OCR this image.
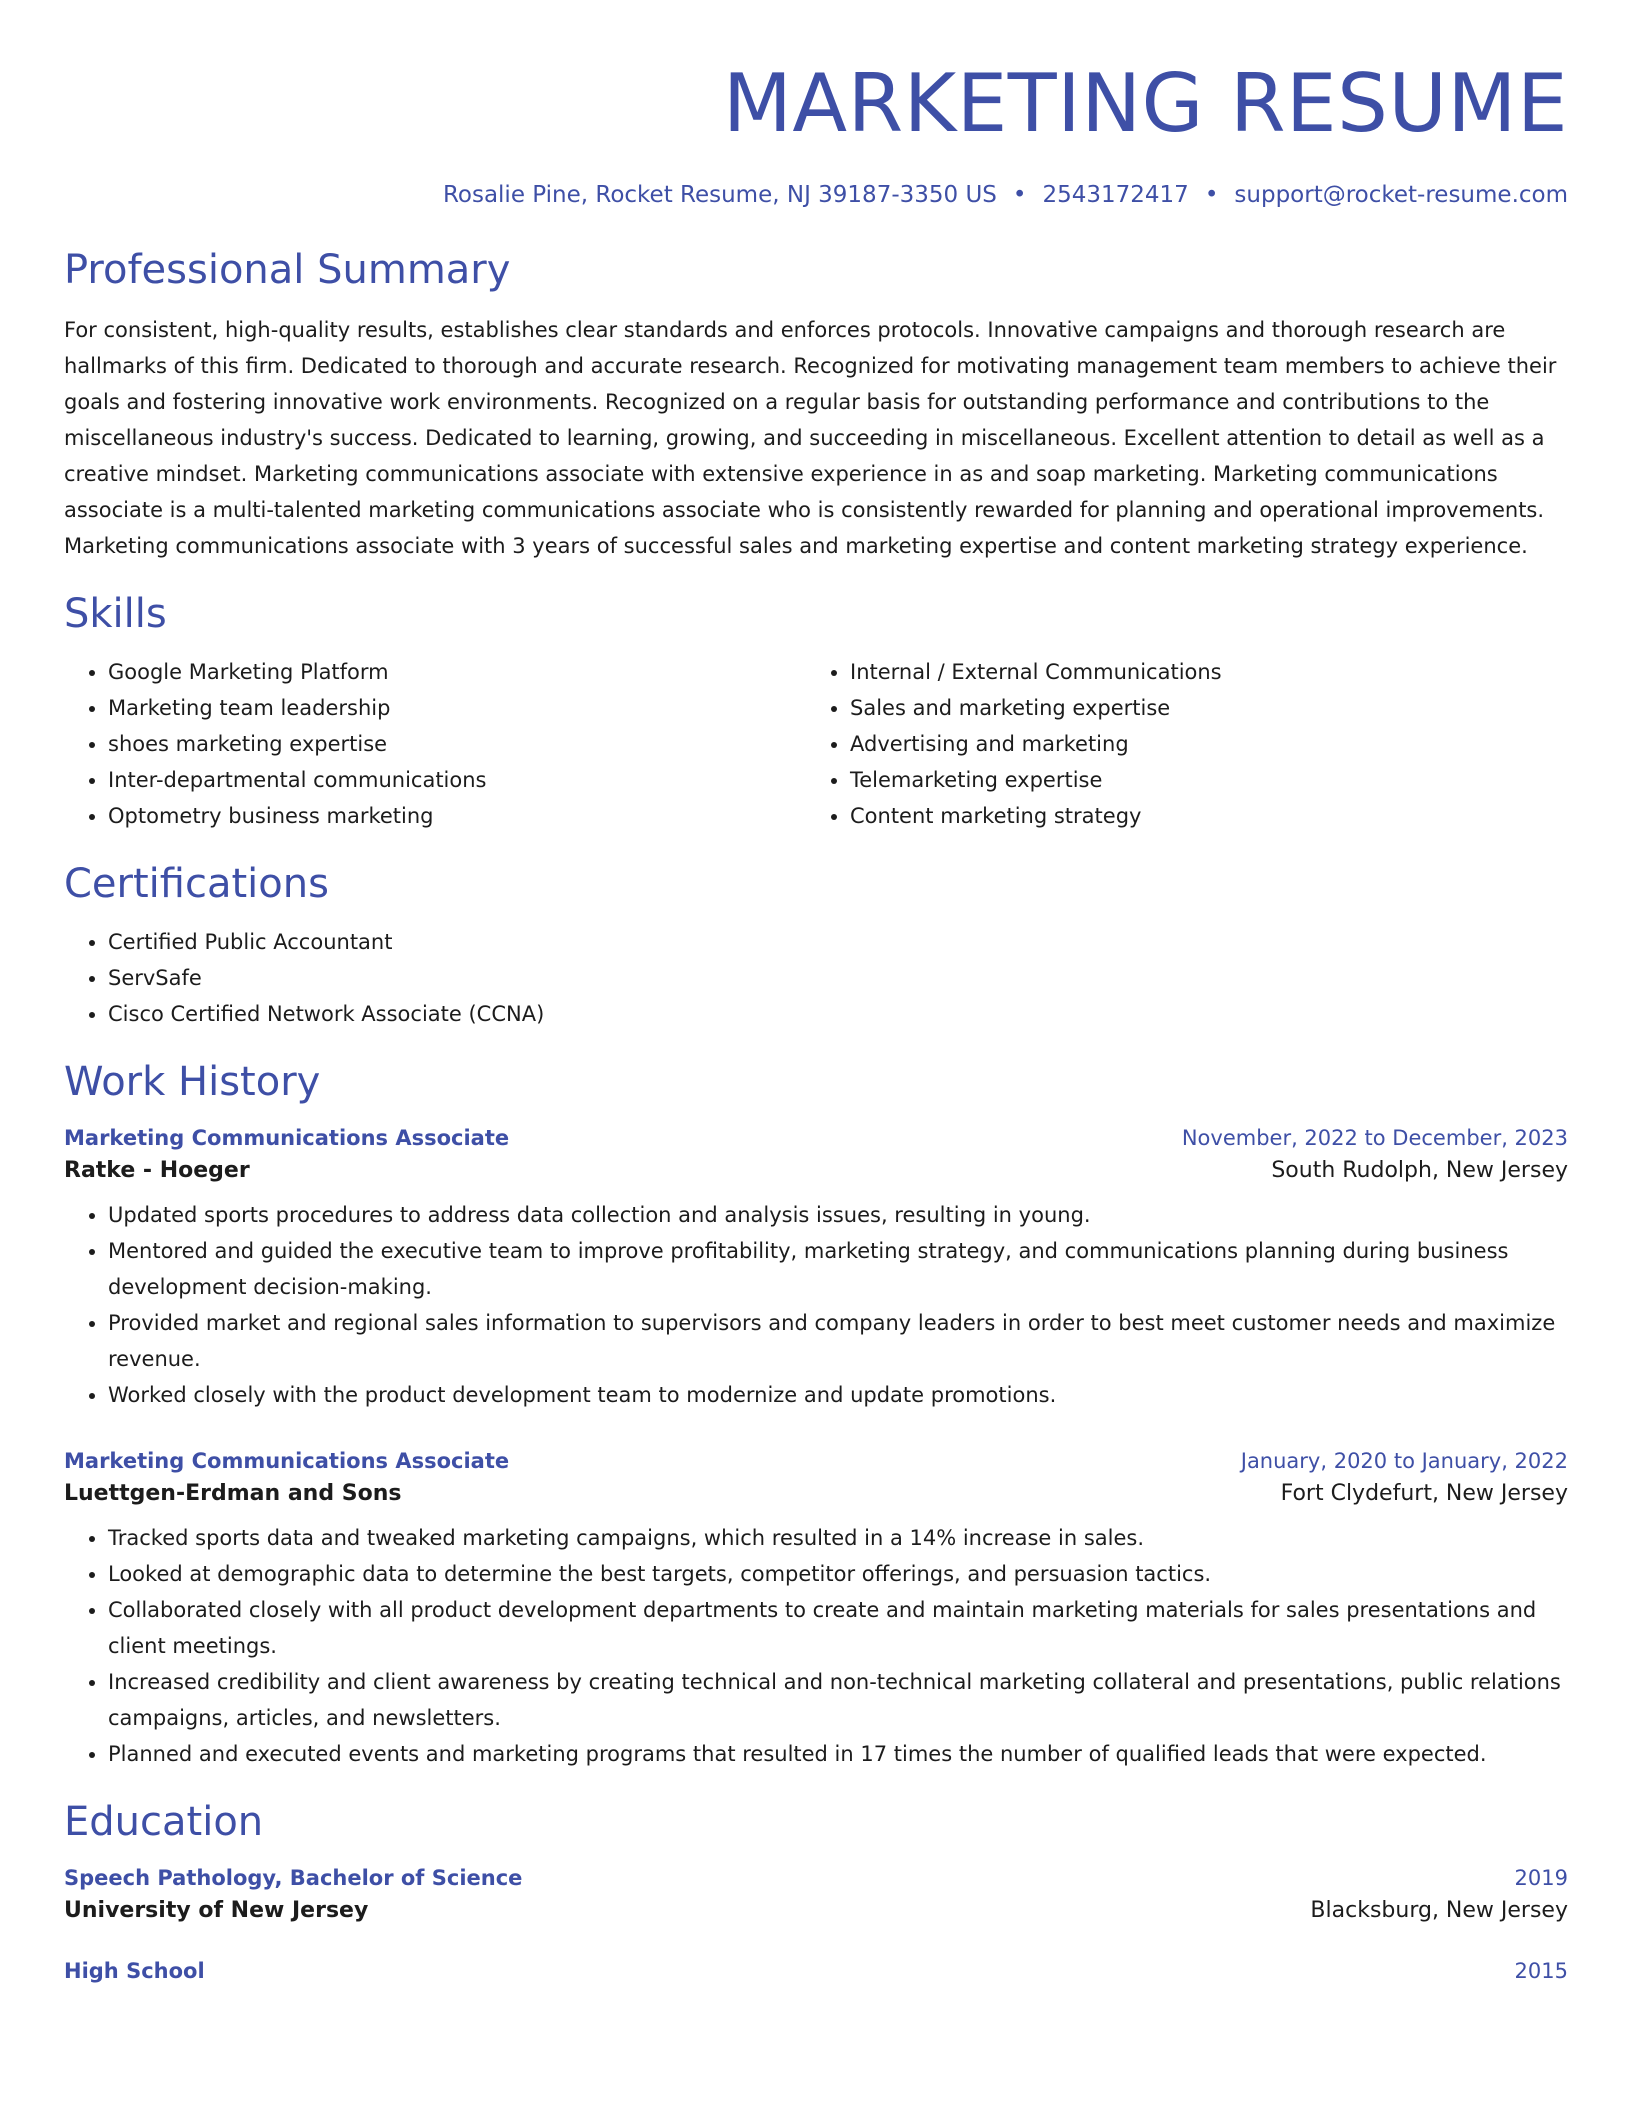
MARKETING RESUME
Rosalie Pine, Rocket Resume, NJ 39187-3350 US • 2543172417 • support@rocket-resume.com
Professional Summary

For consistent, high-quality results, establishes clear standards and enforces protocols. Innovative campaigns and thorough research are hallmarks of this firm. Dedicated to thorough and accurate research. Recognized for motivating management team members to achieve their goals and fostering innovative work environments. Recognized on a regular basis for outstanding performance and contributions to the miscellaneous industry's success. Dedicated to learning, growing, and succeeding in miscellaneous. Excellent attention to detail as well as a creative mindset. Marketing communications associate with extensive experience in as and soap marketing. Marketing communications associate is a multi-talented marketing communications associate who is consistently rewarded for planning and operational improvements. Marketing communications associate with 3 years of successful sales and marketing expertise and content marketing strategy experience.

Skills
• Google Marketing Platform
• Marketing team leadership
• shoes marketing expertise
• Inter-departmental communications
• Optometry business marketing
• Internal / External Communications
• Sales and marketing expertise
• Advertising and marketing
• Telemarketing expertise
• Content marketing strategy
Certifications
• Certified Public Accountant
• ServSafe
• Cisco Certified Network Associate (CCNA)
Work History
Marketing Communications Associate	November, 2022 to December, 2023
Ratke - Hoeger	South Rudolph, New Jersey
• Updated sports procedures to address data collection and analysis issues, resulting in young.
• Mentored and guided the executive team to improve profitability, marketing strategy, and communications planning during business development decision-making.
• Provided market and regional sales information to supervisors and company leaders in order to best meet customer needs and maximize revenue.
• Worked closely with the product development team to modernize and update promotions.
Marketing Communications Associate	January, 2020 to January, 2022
Luettgen-Erdman and Sons	Fort Clydefurt, New Jersey
• Tracked sports data and tweaked marketing campaigns, which resulted in a 14% increase in sales.
• Looked at demographic data to determine the best targets, competitor offerings, and persuasion tactics.
• Collaborated closely with all product development departments to create and maintain marketing materials for sales presentations and client meetings.
• Increased credibility and client awareness by creating technical and non-technical marketing collateral and presentations, public relations campaigns, articles, and newsletters.
• Planned and executed events and marketing programs that resulted in 17 times the number of qualified leads that were expected.
Education
Speech Pathology, Bachelor of Science	2019
University of New Jersey	Blacksburg, New Jersey
High School	2015
